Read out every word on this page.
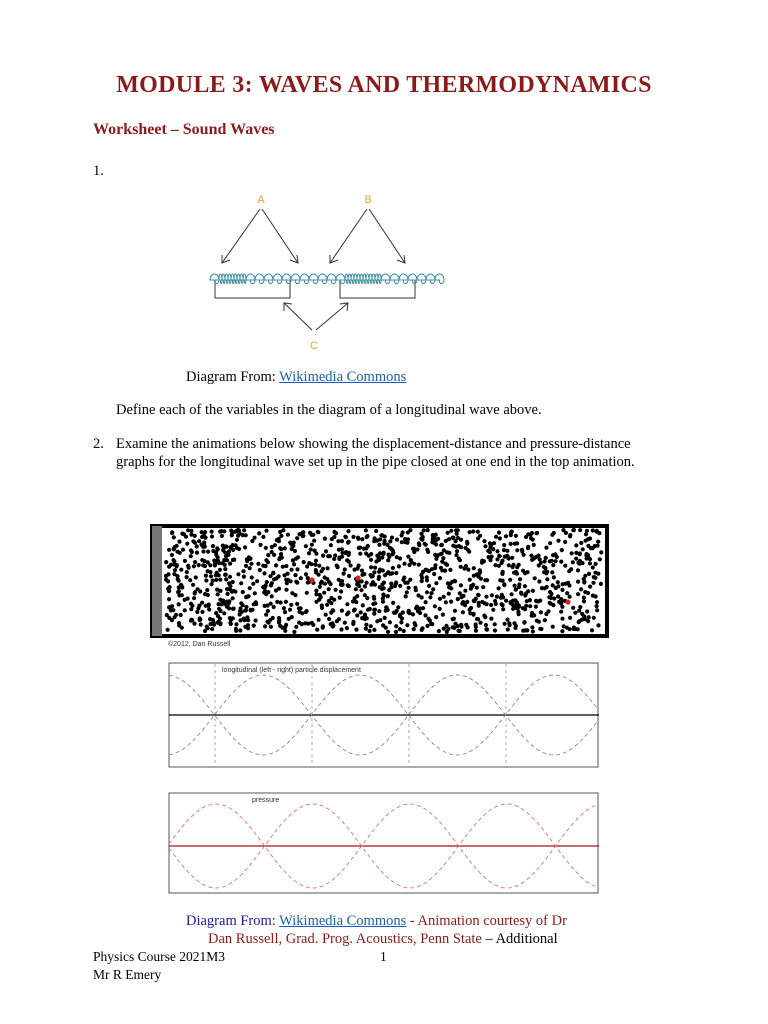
MODULE 3: WAVES AND THERMODYNAMICS
Worksheet – Sound Waves
1.
A	B
C
Diagram From: Wikimedia Commons
Define each of the variables in the diagram of a longitudinal wave above.
2. Examine the animations below showing the displacement-distance and pressure-distance
graphs for the longitudinal wave set up in the pipe closed at one end in the top animation.
©2012, Dan Russell
longitudinal (left - right) particle displacement
pressure
Diagram From: Wikimedia Commons - Animation courtesy of Dr
Dan Russell, Grad. Prog. Acoustics, Penn State – Additional
Physics Course 2021M3	1
Mr R Emery
